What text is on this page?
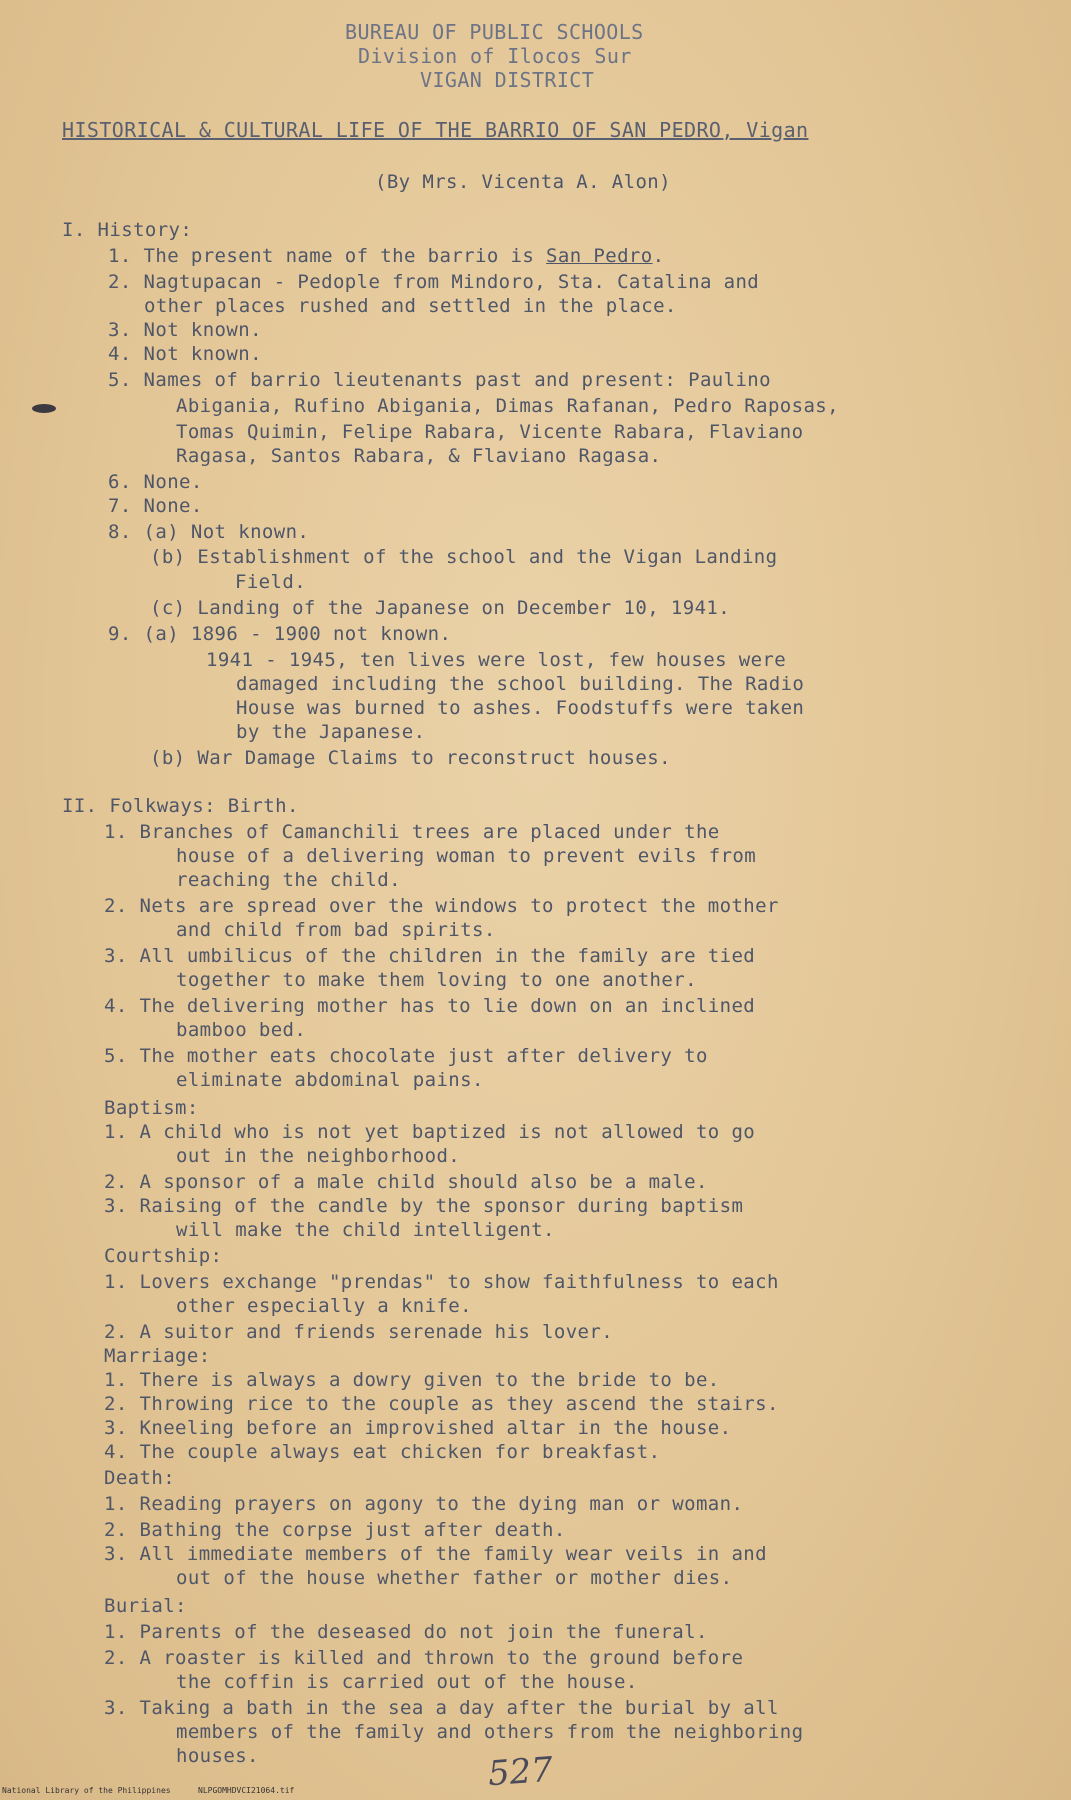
BUREAU OF PUBLIC SCHOOLS
Division of Ilocos Sur
VIGAN DISTRICT
HISTORICAL & CULTURAL LIFE OF THE BARRIO OF SAN PEDRO, Vigan
(By Mrs. Vicenta A. Alon)
I. History:
1. The present name of the barrio is San Pedro.
2. Nagtupacan - Pedople from Mindoro, Sta. Catalina and
other places rushed and settled in the place.
3. Not known.
4. Not known.
5. Names of barrio lieutenants past and present: Paulino
Abigania, Rufino Abigania, Dimas Rafanan, Pedro Raposas,
Tomas Quimin, Felipe Rabara, Vicente Rabara, Flaviano
Ragasa, Santos Rabara, & Flaviano Ragasa.
6. None.
7. None.
8. (a) Not known.
(b) Establishment of the school and the Vigan Landing
Field.
(c) Landing of the Japanese on December 10, 1941.
9. (a) 1896 - 1900 not known.
1941 - 1945, ten lives were lost, few houses were
damaged including the school building. The Radio
House was burned to ashes. Foodstuffs were taken
by the Japanese.
(b) War Damage Claims to reconstruct houses.
II. Folkways: Birth.
1. Branches of Camanchili trees are placed under the
house of a delivering woman to prevent evils from
reaching the child.
2. Nets are spread over the windows to protect the mother
and child from bad spirits.
3. All umbilicus of the children in the family are tied
together to make them loving to one another.
4. The delivering mother has to lie down on an inclined
bamboo bed.
5. The mother eats chocolate just after delivery to
eliminate abdominal pains.
Baptism:
1. A child who is not yet baptized is not allowed to go
out in the neighborhood.
2. A sponsor of a male child should also be a male.
3. Raising of the candle by the sponsor during baptism
will make the child intelligent.
Courtship:
1. Lovers exchange "prendas" to show faithfulness to each
other especially a knife.
2. A suitor and friends serenade his lover.
Marriage:
1. There is always a dowry given to the bride to be.
2. Throwing rice to the couple as they ascend the stairs.
3. Kneeling before an improvished altar in the house.
4. The couple always eat chicken for breakfast.
Death:
1. Reading prayers on agony to the dying man or woman.
2. Bathing the corpse just after death.
3. All immediate members of the family wear veils in and
out of the house whether father or mother dies.
Burial:
1. Parents of the deseased do not join the funeral.
2. A roaster is killed and thrown to the ground before
the coffin is carried out of the house.
3. Taking a bath in the sea a day after the burial by all
members of the family and others from the neighboring
houses.	527
National Library of the Philippines	NLPGOMHDVCI21064.tif
